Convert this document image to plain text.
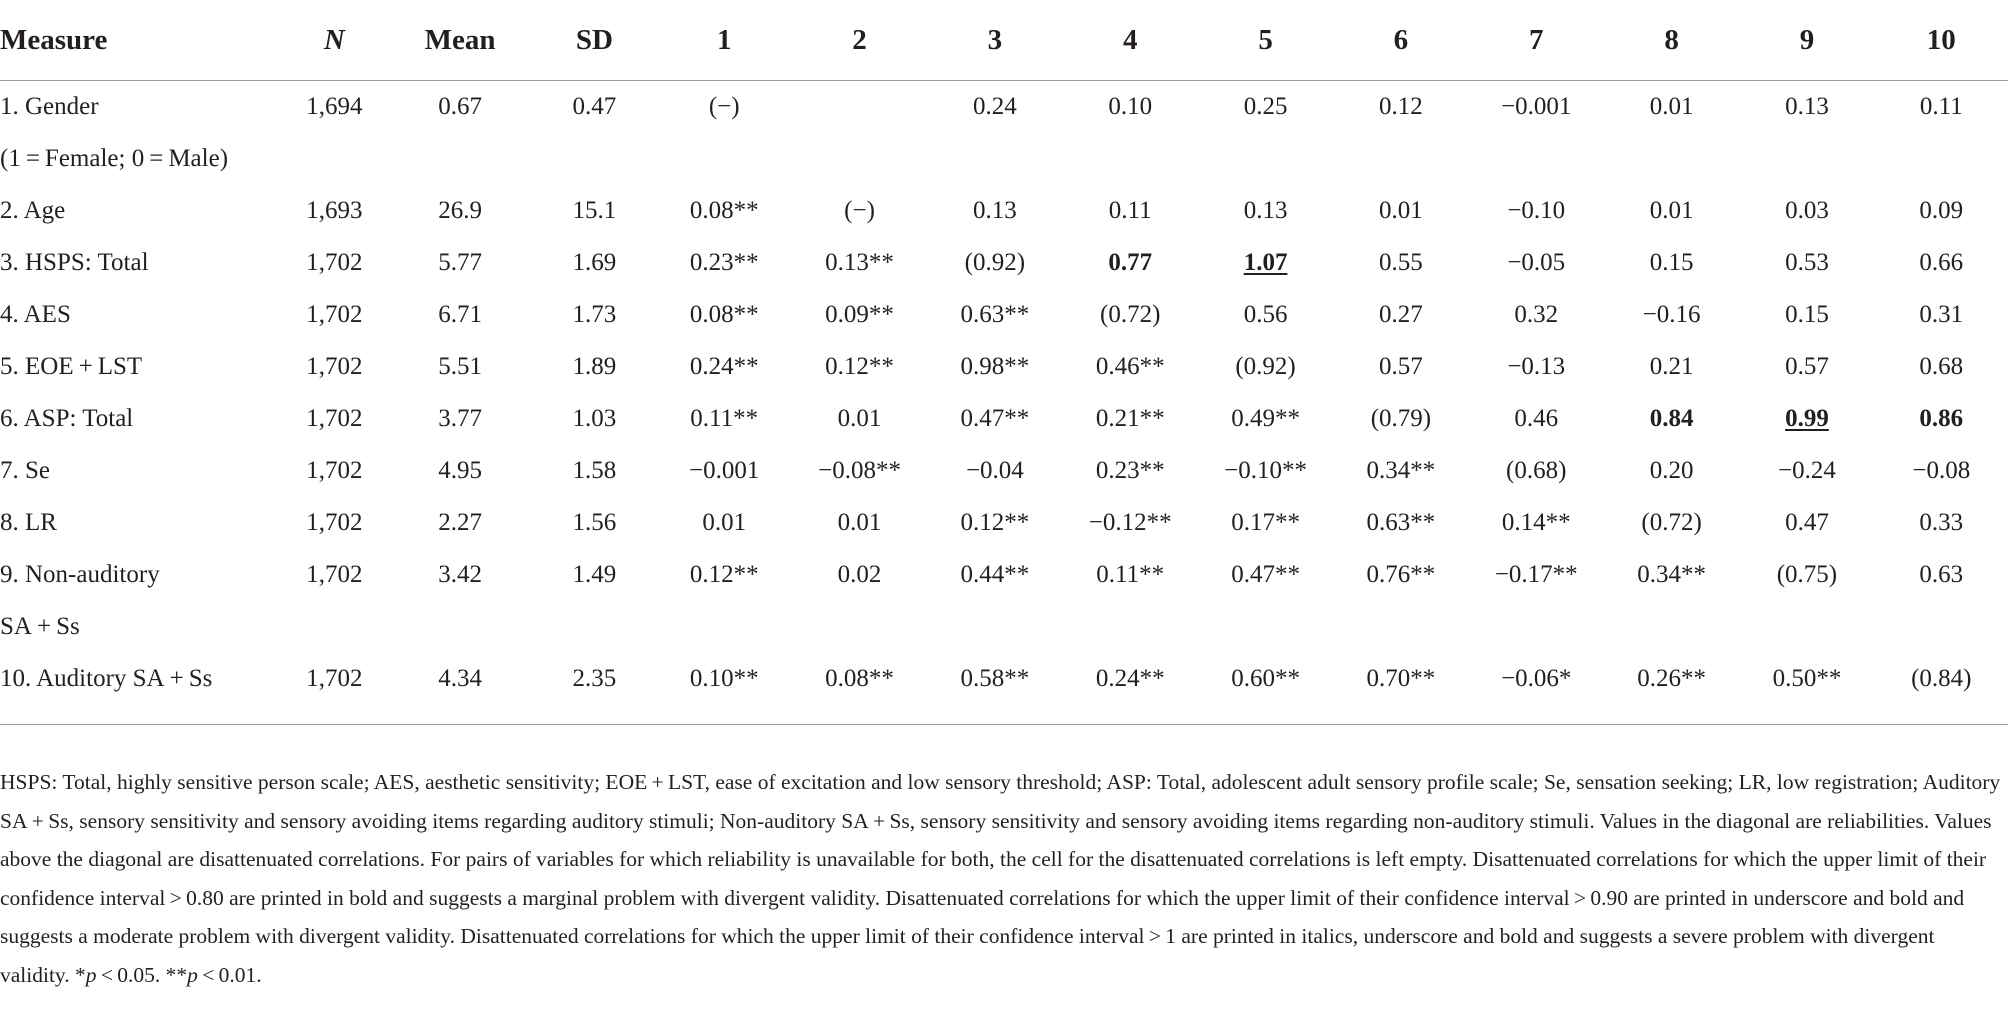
Measure	N	Mean	SD	1	2	3	4	5	6	7	8	9	10
1. Gender	1,694	0.67	0.47	(−)		0.24	0.10	0.25	0.12	−0.001	0.01	0.13	0.11
(1 = Female; 0 = Male)													
2. Age	1,693	26.9	15.1	0.08**	(−)	0.13	0.11	0.13	0.01	−0.10	0.01	0.03	0.09
3. HSPS: Total	1,702	5.77	1.69	0.23**	0.13**	(0.92)	0.77	1.07	0.55	−0.05	0.15	0.53	0.66
4. AES	1,702	6.71	1.73	0.08**	0.09**	0.63**	(0.72)	0.56	0.27	0.32	−0.16	0.15	0.31
5. EOE + LST	1,702	5.51	1.89	0.24**	0.12**	0.98**	0.46**	(0.92)	0.57	−0.13	0.21	0.57	0.68
6. ASP: Total	1,702	3.77	1.03	0.11**	0.01	0.47**	0.21**	0.49**	(0.79)	0.46	0.84	0.99	0.86
7. Se	1,702	4.95	1.58	−0.001	−0.08**	−0.04	0.23**	−0.10**	0.34**	(0.68)	0.20	−0.24	−0.08
8. LR	1,702	2.27	1.56	0.01	0.01	0.12**	−0.12**	0.17**	0.63**	0.14**	(0.72)	0.47	0.33
9. Non-auditory	1,702	3.42	1.49	0.12**	0.02	0.44**	0.11**	0.47**	0.76**	−0.17**	0.34**	(0.75)	0.63
SA + Ss													
10. Auditory SA + Ss	1,702	4.34	2.35	0.10**	0.08**	0.58**	0.24**	0.60**	0.70**	−0.06*	0.26**	0.50**	(0.84)

HSPS: Total, highly sensitive person scale; AES, aesthetic sensitivity; EOE + LST, ease of excitation and low sensory threshold; ASP: Total, adolescent adult sensory profile scale; Se, sensation seeking; LR, low registration; Auditory SA + Ss, sensory sensitivity and sensory avoiding items regarding auditory stimuli; Non-auditory SA + Ss, sensory sensitivity and sensory avoiding items regarding non-auditory stimuli. Values in the diagonal are reliabilities. Values above the diagonal are disattenuated correlations. For pairs of variables for which reliability is unavailable for both, the cell for the disattenuated correlations is left empty. Disattenuated correlations for which the upper limit of their confidence interval > 0.80 are printed in bold and suggests a marginal problem with divergent validity. Disattenuated correlations for which the upper limit of their confidence interval > 0.90 are printed in underscore and bold and suggests a moderate problem with divergent validity. Disattenuated correlations for which the upper limit of their confidence interval > 1 are printed in italics, underscore and bold and suggests a severe problem with divergent validity. *p < 0.05. **p < 0.01.
